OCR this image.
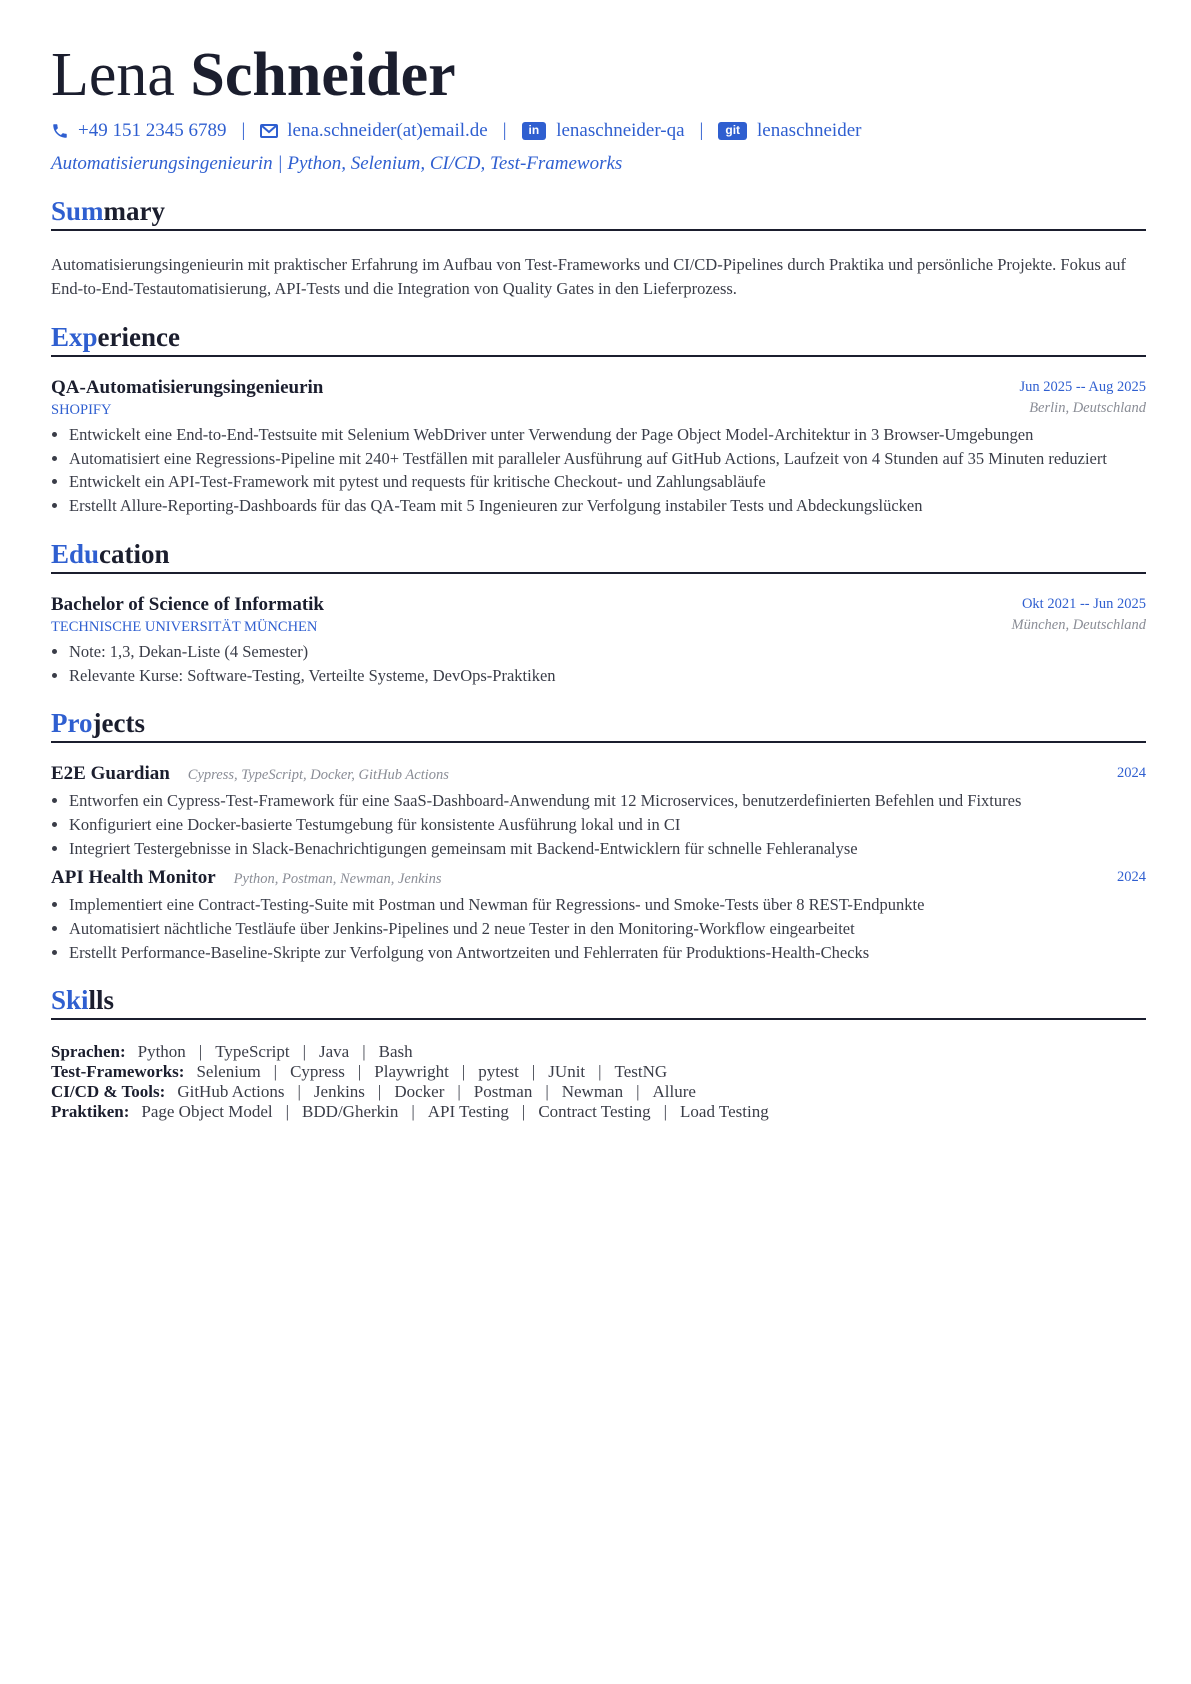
Lena Schneider
+49 151 2345 6789 | lena.schneider(at)email.de |	in lenaschneider-qa |	git lenaschneider
Automatisierungsingenieurin | Python, Selenium, CI/CD, Test-Frameworks
Summary
Automatisierungsingenieurin mit praktischer Erfahrung im Aufbau von Test-Frameworks und CI/CD-Pipelines durch Praktika und persönliche Projekte. Fokus auf End-to-End-Testautomatisierung, API-Tests und die Integration von Quality Gates in den Lieferprozess.
Experience
QA-Automatisierungsingenieurin
SHOPIFY
Jun 2025 -- Aug 2025
Berlin, Deutschland
• Entwickelt eine End-to-End-Testsuite mit Selenium WebDriver unter Verwendung der Page Object Model-Architektur in 3 Browser-Umgebungen
• Automatisiert eine Regressions-Pipeline mit 240+ Testfällen mit paralleler Ausführung auf GitHub Actions, Laufzeit von 4 Stunden auf 35 Minuten reduziert
• Entwickelt ein API-Test-Framework mit pytest und requests für kritische Checkout- und Zahlungsabläufe
• Erstellt Allure-Reporting-Dashboards für das QA-Team mit 5 Ingenieuren zur Verfolgung instabiler Tests und Abdeckungslücken
Education
Bachelor of Science of Informatik
TECHNISCHE UNIVERSITÄT MÜNCHEN
Okt 2021 -- Jun 2025
München, Deutschland
• Note: 1,3, Dekan-Liste (4 Semester)
• Relevante Kurse: Software-Testing, Verteilte Systeme, DevOps-Praktiken
Projects
E2E Guardian Cypress, TypeScript, Docker, GitHub Actions	2024
• Entworfen ein Cypress-Test-Framework für eine SaaS-Dashboard-Anwendung mit 12 Microservices, benutzerdefinierten Befehlen und Fixtures
• Konfiguriert eine Docker-basierte Testumgebung für konsistente Ausführung lokal und in CI
• Integriert Testergebnisse in Slack-Benachrichtigungen gemeinsam mit Backend-Entwicklern für schnelle Fehleranalyse
API Health Monitor Python, Postman, Newman, Jenkins	2024
• Implementiert eine Contract-Testing-Suite mit Postman und Newman für Regressions- und Smoke-Tests über 8 REST-Endpunkte
• Automatisiert nächtliche Testläufe über Jenkins-Pipelines und 2 neue Tester in den Monitoring-Workflow eingearbeitet
• Erstellt Performance-Baseline-Skripte zur Verfolgung von Antwortzeiten und Fehlerraten für Produktions-Health-Checks
Skills
Sprachen: Python | TypeScript | Java | Bash
Test-Frameworks: Selenium | Cypress | Playwright | pytest | JUnit | TestNG
CI/CD & Tools: GitHub Actions | Jenkins | Docker | Postman | Newman | Allure
Praktiken: Page Object Model | BDD/Gherkin | API Testing | Contract Testing | Load Testing
